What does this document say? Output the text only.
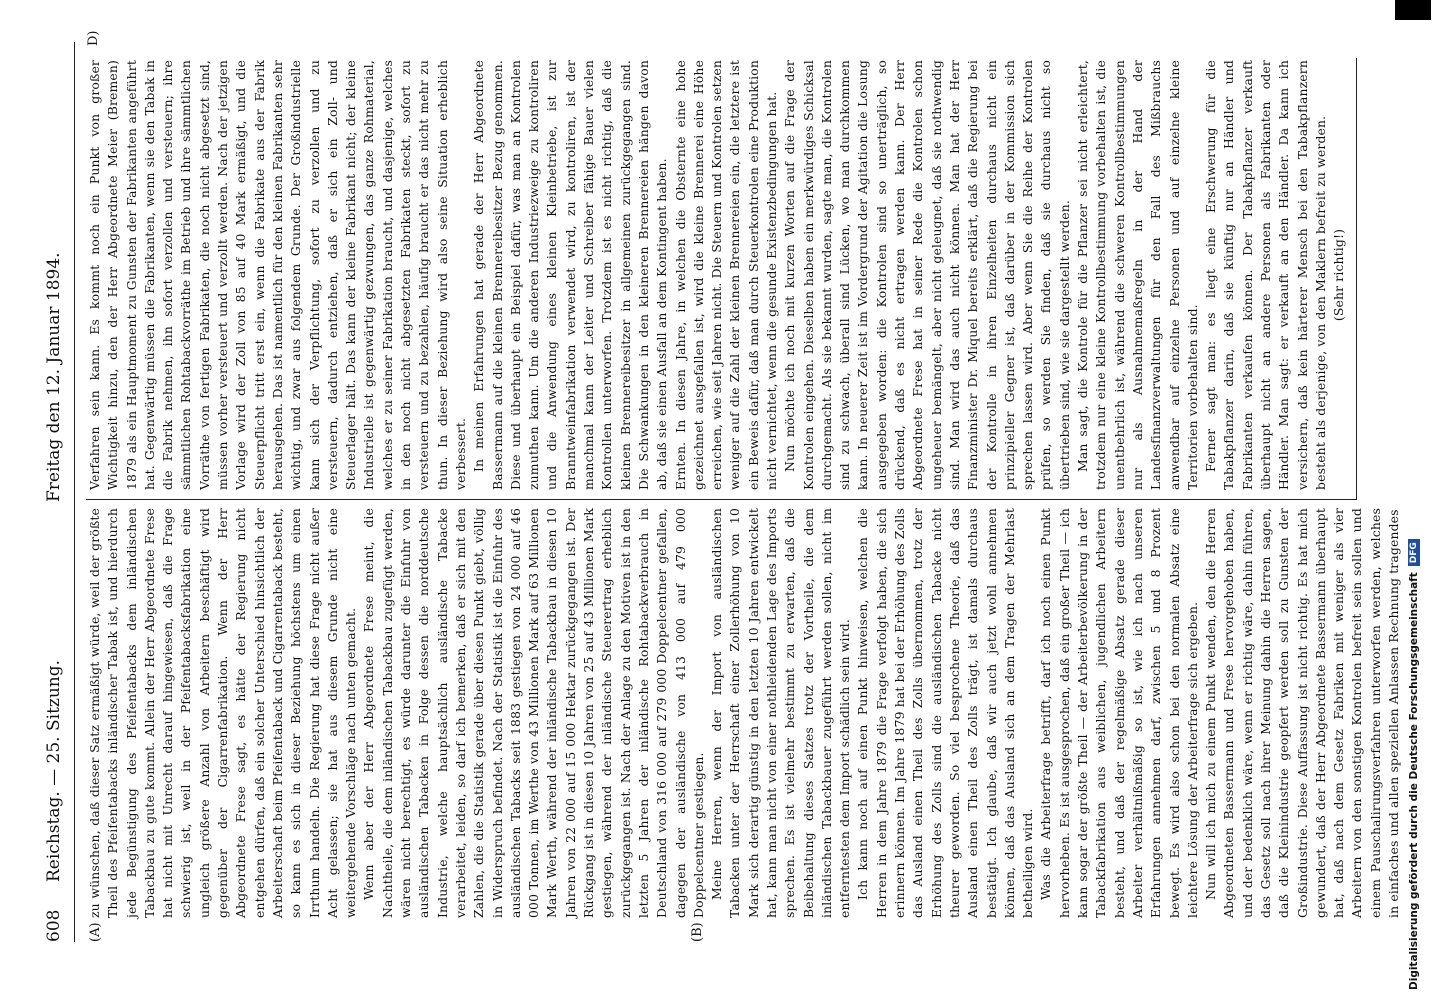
608
Reichstag. — 25. Sitzung.
Freitag den 12. Januar 1894.
(A)	(B)
D)

zu wünschen, daß dieser Satz ermäßigt würde, weil der größte Theil des Pfeifentabacks inländischer Tabak ist, und hierdurch jede Begünstigung des Pfeifentabacks dem inländischen Tabackbau zu gute kommt. Allein der Herr Abgeordnete Frese hat nicht mit Unrecht darauf hingewiesen, daß die Frage schwierig ist, weil in der Pfeifentabacksfabrikation eine ungleich größere Anzahl von Arbeitern beschäftigt wird gegenüber der Cigarrenfabrikation. Wenn der Herr Abgeordnete Frese sagt, es hätte der Regierung nicht entgehen dürfen, daß ein solcher Unterschied hinsichtlich der Arbeiterschaft beim Pfeifentaback und Cigarrentaback besteht, so kann es sich in dieser Beziehung höchstens um einen Irrthum handeln. Die Regierung hat diese Frage nicht außer Acht gelassen; sie hat aus diesem Grunde nicht eine weitergehende Vorschläge nach unten gemacht. Wenn aber der Herr Abgeordnete Frese meint, die Nachtheile, die dem inländischen Tabackbau zugefügt werden, wären nicht berechtigt, es würde darunter die Einfuhr von ausländischen Tabacken in Folge dessen die norddeutsche Industrie, welche hauptsächlich ausländische Tabacke verarbeitet, leiden, so darf ich bemerken, daß er sich mit den Zahlen, die die Statistik gerade über diesen Punkt giebt, völlig in Widerspruch befindet. Nach der Statistik ist die Einfuhr des ausländischen Tabacks seit 1883 gestiegen von 24 000 auf 46 000 Tonnen, im Werthe von 43 Millionen Mark auf 63 Millionen Mark Werth, während der inländische Tabackbau in diesen 10 Jahren von 22 000 auf 15 000 Hektar zurückgegangen ist. Der Rückgang ist in diesen 10 Jahren von 25 auf 43 Millionen Mark gestiegen, während der inländische Steuerertrag erheblich zurückgegangen ist. Nach der Anlage zu den Motiven ist in den letzten 5 Jahren der inländische Rohtabackverbrauch in Deutschland von 316 000 auf 279 000 Doppelcentner gefallen, dagegen der ausländische von 413 000 auf 479 000 Doppelcentner gestiegen. Meine Herren, wenn der Import von ausländischen Tabacken unter der Herrschaft einer Zollerhöhung von 10 Mark sich derartig günstig in den letzten 10 Jahren entwickelt hat, kann man nicht von einer nothleidenden Lage des Imports sprechen. Es ist vielmehr bestimmt zu erwarten, daß die Beibehaltung dieses Satzes trotz der Vortheile, die dem inländischen Tabackbauer zugeführt werden sollen, nicht im entferntesten dem Import schädlich sein wird. Ich kann noch auf einen Punkt hinweisen, welchen die Herren in dem Jahre 1879 die Frage verfolgt haben, die sich erinnern können. Im Jahre 1879 hat bei der Erhöhung des Zolls das Ausland einen Theil des Zolls übernommen, trotz der Erhöhung des Zolls sind die ausländischen Tabacke nicht theurer geworden. So viel besprochene Theorie, daß das Ausland einen Theil des Zolls trägt, ist damals durchaus bestätigt. Ich glaube, daß wir auch jetzt wohl annehmen können, daß das Ausland sich an dem Tragen der Mehrlast betheiligen wird. Was die Arbeiterfrage betrifft, darf ich noch einen Punkt hervorheben. Es ist ausgesprochen, daß ein großer Theil — ich kann sogar der größte Theil — der Arbeiterbevölkerung in der Tabackfabrikation aus weiblichen, jugendlichen Arbeitern besteht, und daß der regelmäßige Absatz gerade dieser Arbeiter verhältnißmäßig so ist, wie ich nach unseren Erfahrungen annehmen darf, zwischen 5 und 8 Prozent bewegt. Es wird also schon bei den normalen Absatz eine leichtere Lösung der Arbeiterfrage sich ergeben. Nun will ich mich zu einem Punkt wenden, den die Herren Abgeordneten Bassermann und Frese hervorgehoben haben, und der bedenklich wäre, wenn er richtig wäre, dahin führen, das Gesetz soll nach ihrer Meinung dahin die Herren sagen, daß die Kleinindustrie geopfert werden soll zu Gunsten der Großindustrie. Diese Auffassung ist nicht richtig. Es hat mich gewundert, daß der Herr Abgeordnete Bassermann überhaupt hat, daß nach dem Gesetz Fabriken mit weniger als vier Arbeitern von den sonstigen Kontrolen befreit sein sollen und einem Pauschalirungsverfahren unterworfen werden, welches in einfaches und allen speziellen Anlassen Rechnung tragendes

Verfahren sein kann. Es kommt noch ein Punkt von großer Wichtigkeit hinzu, den der Herr Abgeordnete Meier (Bremen) 1879 als ein Hauptmoment zu Gunsten der Fabrikanten angeführt hat. Gegenwärtig müssen die Fabrikanten, wenn sie den Tabak in die Fabrik nehmen, ihn sofort verzollen und versteuern; ihre sämmtlichen Rohtabackvorräthe im Betrieb und ihre sämmtlichen Vorräthe von fertigen Fabrikaten, die noch nicht abgesetzt sind, müssen vorher versteuert und verzollt werden. Nach der jetzigen Vorlage wird der Zoll von 85 auf 40 Mark ermäßigt, und die Steuerpflicht tritt erst ein, wenn die Fabrikate aus der Fabrik herausgehen. Das ist namentlich für den kleinen Fabrikanten sehr wichtig, und zwar aus folgendem Grunde. Der Großindustrielle kann sich der Verpflichtung, sofort zu verzollen und zu versteuern, dadurch entziehen, daß er sich ein Zoll- und Steuerlager hält. Das kann der kleine Fabrikant nicht; der kleine Industrielle ist gegenwärtig gezwungen, das ganze Rohmaterial, welches er zu seiner Fabrikation braucht, und dasjenige, welches in den noch nicht abgesetzten Fabrikaten steckt, sofort zu versteuern und zu bezahlen, häufig braucht er das nicht mehr zu thun. In dieser Beziehung wird also seine Situation erheblich verbessert. In meinen Erfahrungen hat gerade der Herr Abgeordnete Bassermann auf die kleinen Brennereibesitzer Bezug genommen. Diese und überhaupt ein Beispiel dafür, was man an Kontrolen zumuthen kann. Um die anderen Industriezweige zu kontroliren und die Anwendung eines kleinen Kleinbetriebe, ist zur Branntweinfabrikation verwendet wird, zu kontroliren, ist der manchmal kann der Leiter und Schreiber fähige Bauer vielen Kontrollen unterworfen. Trotzdem ist es nicht richtig, daß die kleinen Brennereibesitzer in allgemeinen zurückgegangen sind. Die Schwankungen in den kleineren Brennereien hängen davon ab, daß sie einen Ausfall an dem Kontingent haben. Ernten. In diesen Jahre, in welchen die Obsternte eine hohe gezeichnet ausgefallen ist, wird die kleine Brennerei eine Höhe erreichen, wie seit Jahren nicht. Die Steuern und Kontrolen setzen weniger auf die Zahl der kleinen Brennereien ein, die letztere ist ein Beweis dafür, daß man durch Steuerkontrolen eine Produktion nicht vernichtet, wenn die gesunde Existenzbedingungen hat. Nun möchte ich noch mit kurzen Worten auf die Frage der Kontrolen eingehen. Dieselben haben ein merkwürdiges Schicksal durchgemacht. Als sie bekannt wurden, sagte man, die Kontrolen sind zu schwach, überall sind Lücken, wo man durchkommen kann. In neuerer Zeit ist im Vordergrund der Agitation die Losung ausgegeben worden: die Kontrolen sind so unerträglich, so drückend, daß es nicht ertragen werden kann. Der Herr Abgeordnete Frese hat in seiner Rede die Kontrolen schon ungeheuer bemängelt, aber nicht geleugnet, daß sie nothwendig sind. Man wird das auch nicht können. Man hat der Herr Finanzminister Dr. Miquel bereits erklärt, daß die Regierung bei der Kontrolle in ihren Einzelheiten durchaus nicht ein prinzipieller Gegner ist, daß darüber in der Kommission sich sprechen lassen wird. Aber wenn Sie die Reihe der Kontrolen prüfen, so werden Sie finden, daß sie durchaus nicht so übertrieben sind, wie sie dargestellt werden. Man sagt, die Kontrole für die Pflanzer sei nicht erleichtert, trotzdem nur eine kleine Kontrollbestimmung vorbehalten ist, die unentbehrlich ist, während die schweren Kontrollbestimmungen nur als Ausnahmemaßregeln in der Hand der Landesfinanzverwaltungen für den Fall des Mißbrauchs anwendbar auf einzelne Personen und auf einzelne kleine Territorien vorbehalten sind. Ferner sagt man: es liegt eine Erschwerung für die Tabakpflanzer darin, daß sie künftig nur an Händler und Fabrikanten verkaufen können. Der Tabakpflanzer verkauft überhaupt nicht an andere Personen als Fabrikanten oder Händler. Man sagt: er verkauft an den Händler. Da kann ich versichern, daß kein härterer Mensch bei den Tabakpflanzern besteht als derjenige, von den Maklern befreit zu werden. (Sehr richtig!)

Digitalisierung gefördert durch die Deutsche Forschungsgemeinschaft
DFG
